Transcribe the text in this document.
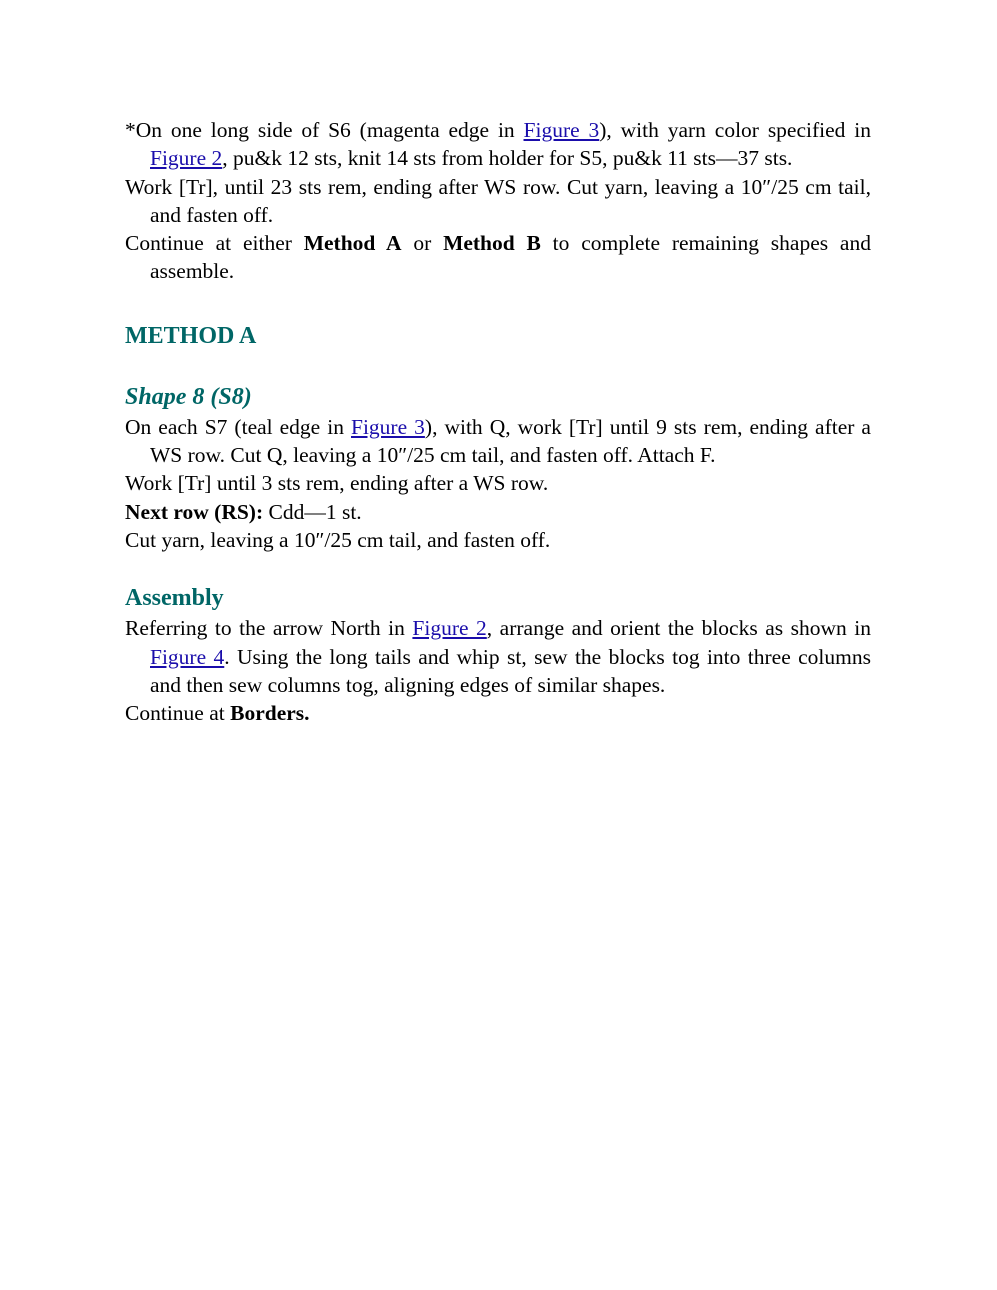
*On one long side of S6 (magenta edge in Figure 3), with yarn color specified in Figure 2, pu&k 12 sts, knit 14 sts from holder for S5, pu&k 11 sts—37 sts.

Work [Tr], until 23 sts rem, ending after WS row. Cut yarn, leaving a 10″/25 cm tail, and fasten off.

Continue at either Method A or Method B to complete remaining shapes and assemble.

METHOD A
Shape 8 (S8)

On each S7 (teal edge in Figure 3), with Q, work [Tr] until 9 sts rem, ending after a WS row. Cut Q, leaving a 10″/25 cm tail, and fasten off. Attach F.

Work [Tr] until 3 sts rem, ending after a WS row.

Next row (RS): Cdd—1 st.

Cut yarn, leaving a 10″/25 cm tail, and fasten off.

Assembly

Referring to the arrow North in Figure 2, arrange and orient the blocks as shown in Figure 4. Using the long tails and whip st, sew the blocks tog into three columns and then sew columns tog, aligning edges of similar shapes.

Continue at Borders.
